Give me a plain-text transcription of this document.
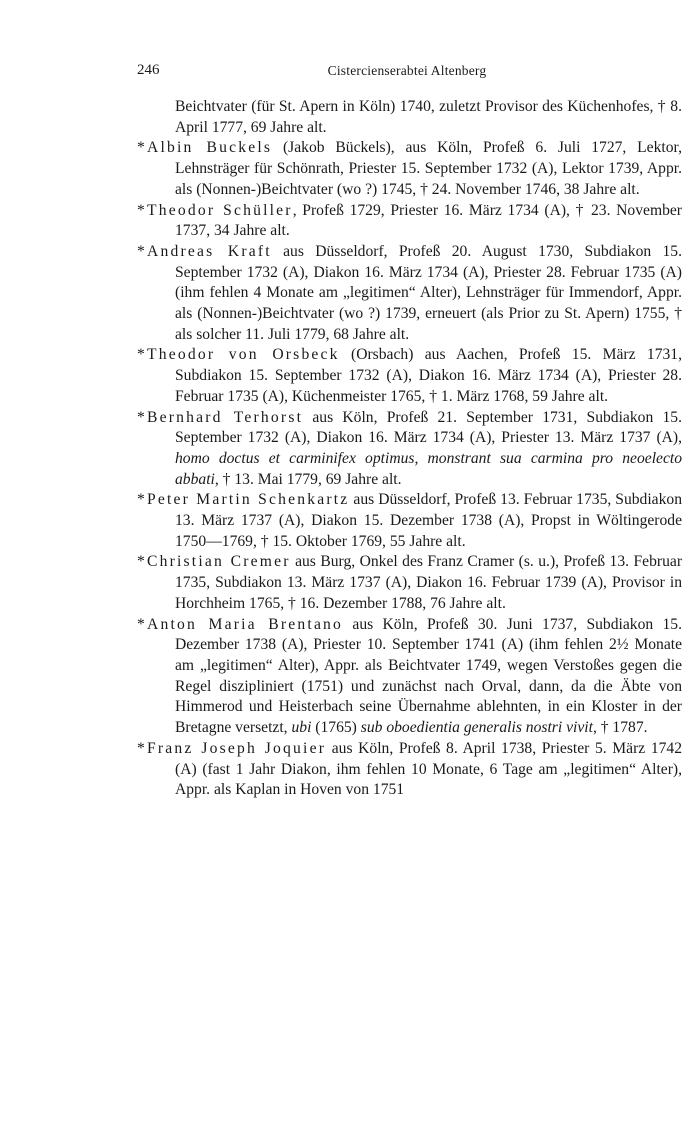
246	Cistercienserabtei Altenberg

Beichtvater (für St. Apern in Köln) 1740, zuletzt Provisor des Küchenhofes, † 8. April 1777, 69 Jahre alt.

*Albin Buckels (Jakob Bückels), aus Köln, Profeß 6. Juli 1727, Lektor, Lehnsträger für Schönrath, Priester 15. September 1732 (A), Lektor 1739, Appr. als (Nonnen-)Beichtvater (wo ?) 1745, † 24. November 1746, 38 Jahre alt.

*Theodor Schüller, Profeß 1729, Priester 16. März 1734 (A), † 23. November 1737, 34 Jahre alt.

*Andreas Kraft aus Düsseldorf, Profeß 20. August 1730, Subdiakon 15. September 1732 (A), Diakon 16. März 1734 (A), Priester 28. Februar 1735 (A) (ihm fehlen 4 Monate am „legitimen“ Alter), Lehnsträger für Immendorf, Appr. als (Nonnen-)Beichtvater (wo ?) 1739, erneuert (als Prior zu St. Apern) 1755, † als solcher 11. Juli 1779, 68 Jahre alt.

*Theodor von Orsbeck (Orsbach) aus Aachen, Profeß 15. März 1731, Subdiakon 15. September 1732 (A), Diakon 16. März 1734 (A), Priester 28. Februar 1735 (A), Küchenmeister 1765, † 1. März 1768, 59 Jahre alt.

*Bernhard Terhorst aus Köln, Profeß 21. September 1731, Subdiakon 15. September 1732 (A), Diakon 16. März 1734 (A), Priester 13. März 1737 (A), homo doctus et carminifex optimus, monstrant sua carmina pro neoelecto abbati, † 13. Mai 1779, 69 Jahre alt.

*Peter Martin Schenkartz aus Düsseldorf, Profeß 13. Februar 1735, Subdiakon 13. März 1737 (A), Diakon 15. Dezember 1738 (A), Propst in Wöltingerode 1750—1769, † 15. Oktober 1769, 55 Jahre alt.

*Christian Cremer aus Burg, Onkel des Franz Cramer (s. u.), Profeß 13. Februar 1735, Subdiakon 13. März 1737 (A), Diakon 16. Februar 1739 (A), Provisor in Horchheim 1765, † 16. Dezember 1788, 76 Jahre alt.

*Anton Maria Brentano aus Köln, Profeß 30. Juni 1737, Subdiakon 15. Dezember 1738 (A), Priester 10. September 1741 (A) (ihm fehlen 2½ Monate am „legitimen“ Alter), Appr. als Beichtvater 1749, wegen Verstoßes gegen die Regel diszipliniert (1751) und zunächst nach Orval, dann, da die Äbte von Himmerod und Heisterbach seine Übernahme ablehnten, in ein Kloster in der Bretagne versetzt, ubi (1765) sub oboedientia generalis nostri vivit, † 1787.

*Franz Joseph Joquier aus Köln, Profeß 8. April 1738, Priester 5. März 1742 (A) (fast 1 Jahr Diakon, ihm fehlen 10 Monate, 6 Tage am „legitimen“ Alter), Appr. als Kaplan in Hoven von 1751
